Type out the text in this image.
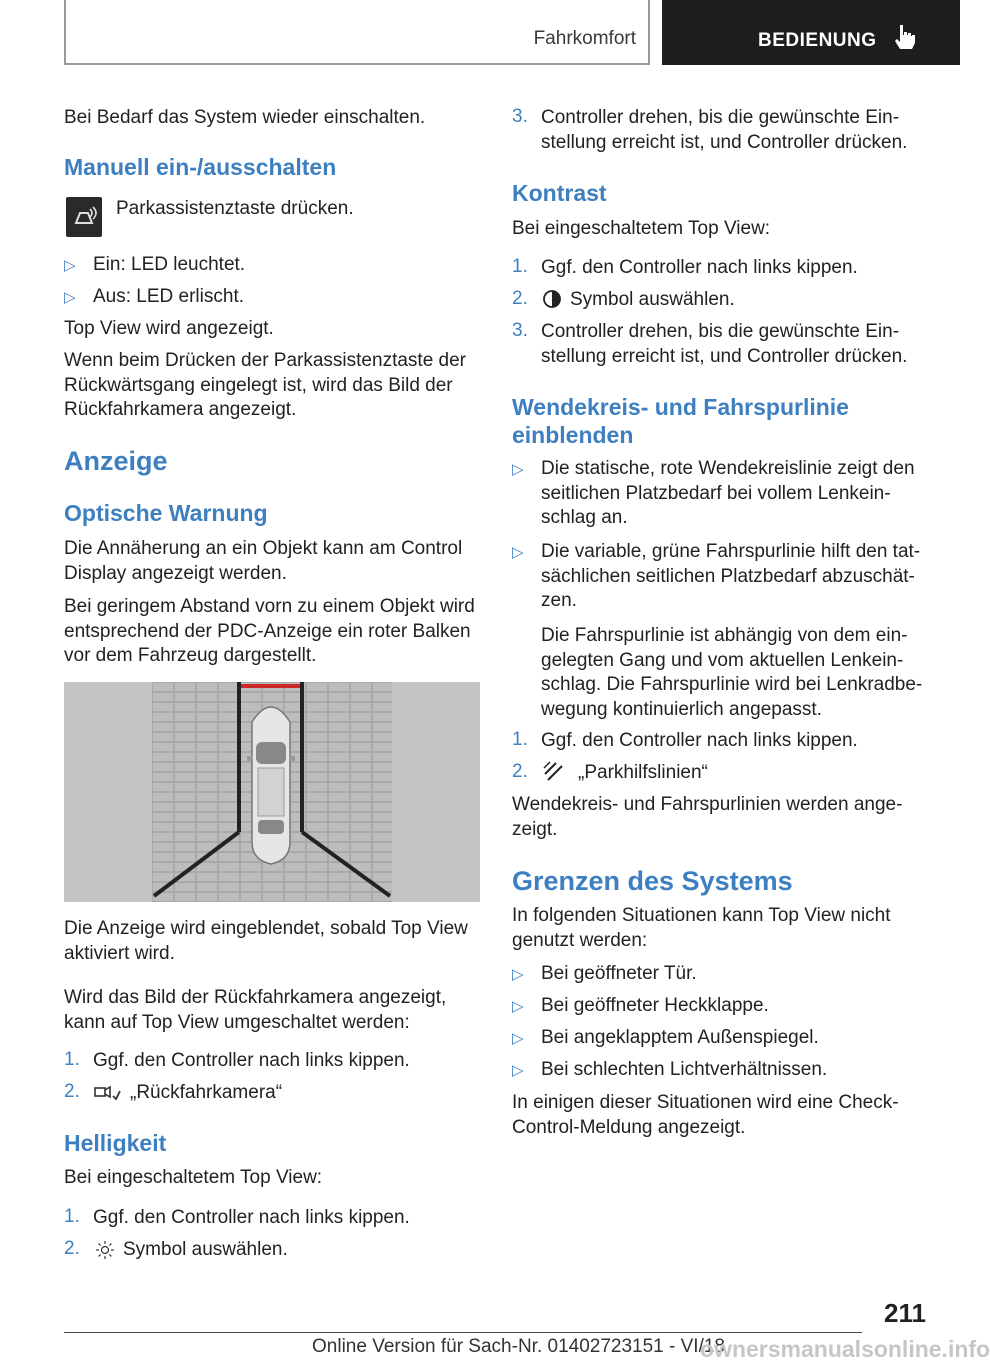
Fahrkomfort	BEDIENUNG

Bei Bedarf das System wieder einschalten.

Manuell ein-/ausschalten

Parkassistenztaste drücken.

▷ Ein: LED leuchtet.

▷ Aus: LED erlischt.

Top View wird angezeigt.

Wenn beim Drücken der Parkassistenztaste der

Rückwärtsgang eingelegt ist, wird das Bild der

Rückfahrkamera angezeigt.

Anzeige
Optische Warnung

Die Annäherung an ein Objekt kann am Control

Display angezeigt werden.

Bei geringem Abstand vorn zu einem Objekt wird

entsprechend der PDC-Anzeige ein roter Balken

vor dem Fahrzeug dargestellt.

Die Anzeige wird eingeblendet, sobald Top View

aktiviert wird.

Wird das Bild der Rückfahrkamera angezeigt,

kann auf Top View umgeschaltet werden:

1. Ggf. den Controller nach links kippen.

2.	„Rückfahrkamera“

Helligkeit

Bei eingeschaltetem Top View:

1. Ggf. den Controller nach links kippen.

2. Symbol auswählen.

3. Controller drehen, bis die gewünschte Ein-

stellung erreicht ist, und Controller drücken.

Kontrast

Bei eingeschaltetem Top View:

1. Ggf. den Controller nach links kippen.

2. Symbol auswählen.

3. Controller drehen, bis die gewünschte Ein-

stellung erreicht ist, und Controller drücken.

Wendekreis- und Fahrspurlinie
einblenden
▷ Die statische, rote Wendekreislinie zeigt den

seitlichen Platzbedarf bei vollem Lenkein-

schlag an.

▷ Die variable, grüne Fahrspurlinie hilft den tat-

sächlichen seitlichen Platzbedarf abzuschät-

zen.

Die Fahrspurlinie ist abhängig von dem ein-

gelegten Gang und vom aktuellen Lenkein-

schlag. Die Fahrspurlinie wird bei Lenkradbe-

wegung kontinuierlich angepasst.

1. Ggf. den Controller nach links kippen.

2.	„Parkhilfslinien“

Wendekreis- und Fahrspurlinien werden ange-

zeigt.

Grenzen des Systems

In folgenden Situationen kann Top View nicht

genutzt werden:

▷ Bei geöffneter Tür.

▷ Bei geöffneter Heckklappe.

▷ Bei angeklapptem Außenspiegel.

▷ Bei schlechten Lichtverhältnissen.

In einigen dieser Situationen wird eine Check-

Control-Meldung angezeigt.

211
Online Version für Sach-Nr. 01402723151 - VI/18
ownersmanualsonline.info
